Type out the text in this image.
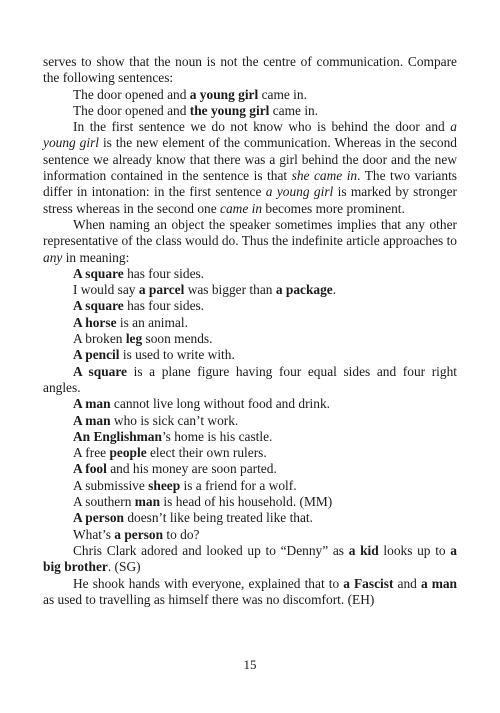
serves to show that the noun is not the centre of communication. Compare the following sentences:

The door opened and a young girl came in.

The door opened and the young girl came in.

In the first sentence we do not know who is behind the door and a young girl is the new element of the communication. Whereas in the second sentence we already know that there was a girl behind the door and the new information contained in the sentence is that she came in. The two variants differ in intonation: in the first sentence a young girl is marked by stronger stress whereas in the second one came in becomes more prominent.

When naming an object the speaker sometimes implies that any other representative of the class would do. Thus the indefinite article approaches to any in meaning:

A square has four sides.

I would say a parcel was bigger than a package.

A square has four sides.

A horse is an animal.

A broken leg soon mends.

A pencil is used to write with.

A square is a plane figure having four equal sides and four right angles.

A man cannot live long without food and drink.

A man who is sick can’t work.

An Englishman’s home is his castle.

A free people elect their own rulers.

A fool and his money are soon parted.

A submissive sheep is a friend for a wolf.

A southern man is head of his household. (MM)

A person doesn’t like being treated like that.

What’s a person to do?

Chris Clark adored and looked up to “Denny” as a kid looks up to a big brother. (SG)

He shook hands with everyone, explained that to a Fascist and a man as used to travelling as himself there was no discomfort. (EH)

15
